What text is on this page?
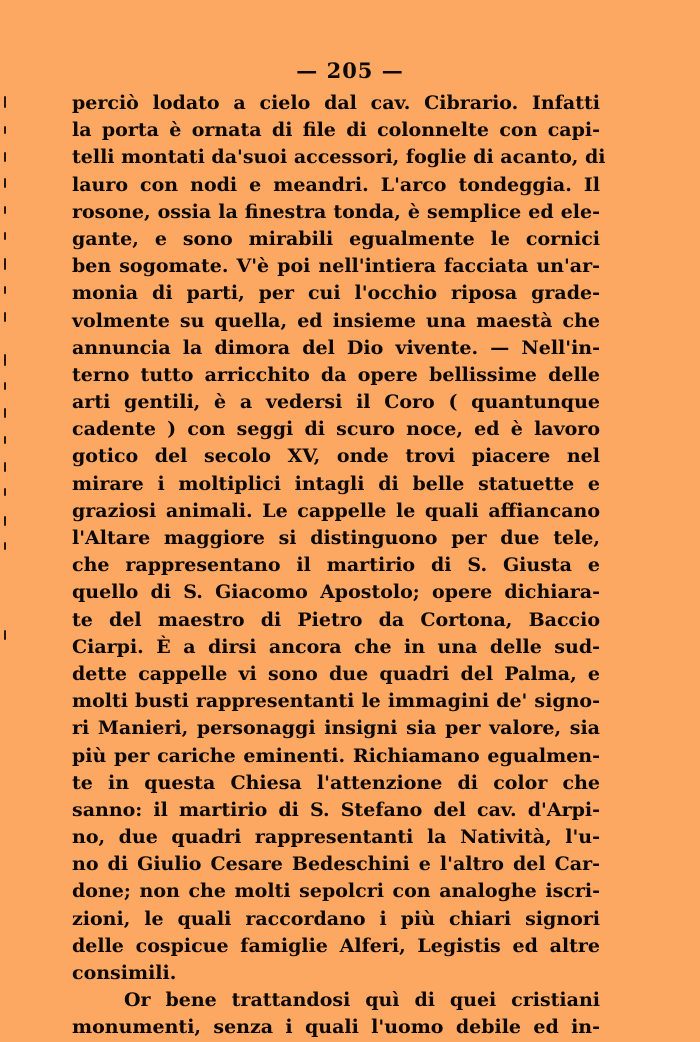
— 205 —
perciò lodato a cielo dal cav. Cibrario. Infatti
la porta è ornata di file di colonnelte con capi-
telli montati da'suoi accessori, foglie di acanto, di
lauro con nodi e meandri. L'arco tondeggia. Il
rosone, ossia la finestra tonda, è semplice ed ele-
gante, e sono mirabili egualmente le cornici
ben sogomate. V'è poi nell'intiera facciata un'ar-
monia di parti, per cui l'occhio riposa grade-
volmente su quella, ed insieme una maestà che
annuncia la dimora del Dio vivente. — Nell'in-
terno tutto arricchito da opere bellissime delle
arti gentili, è a vedersi il Coro ( quantunque
cadente ) con seggi di scuro noce, ed è lavoro
gotico del secolo XV, onde trovi piacere nel
mirare i moltiplici intagli di belle statuette e
graziosi animali. Le cappelle le quali affiancano
l'Altare maggiore si distinguono per due tele,
che rappresentano il martirio di S. Giusta e
quello di S. Giacomo Apostolo; opere dichiara-
te del maestro di Pietro da Cortona, Baccio
Ciarpi. È a dirsi ancora che in una delle sud-
dette cappelle vi sono due quadri del Palma, e
molti busti rappresentanti le immagini de' signo-
ri Manieri, personaggi insigni sia per valore, sia
più per cariche eminenti. Richiamano egualmen-
te in questa Chiesa l'attenzione di color che
sanno: il martirio di S. Stefano del cav. d'Arpi-
no, due quadri rappresentanti la Natività, l'u-
no di Giulio Cesare Bedeschini e l'altro del Car-
done; non che molti sepolcri con analoghe iscri-
zioni, le quali raccordano i più chiari signori
delle cospicue famiglie Alferi, Legistis ed altre
consimili.
Or bene trattandosi quì di quei cristiani
monumenti, senza i quali l'uomo debile ed in-
